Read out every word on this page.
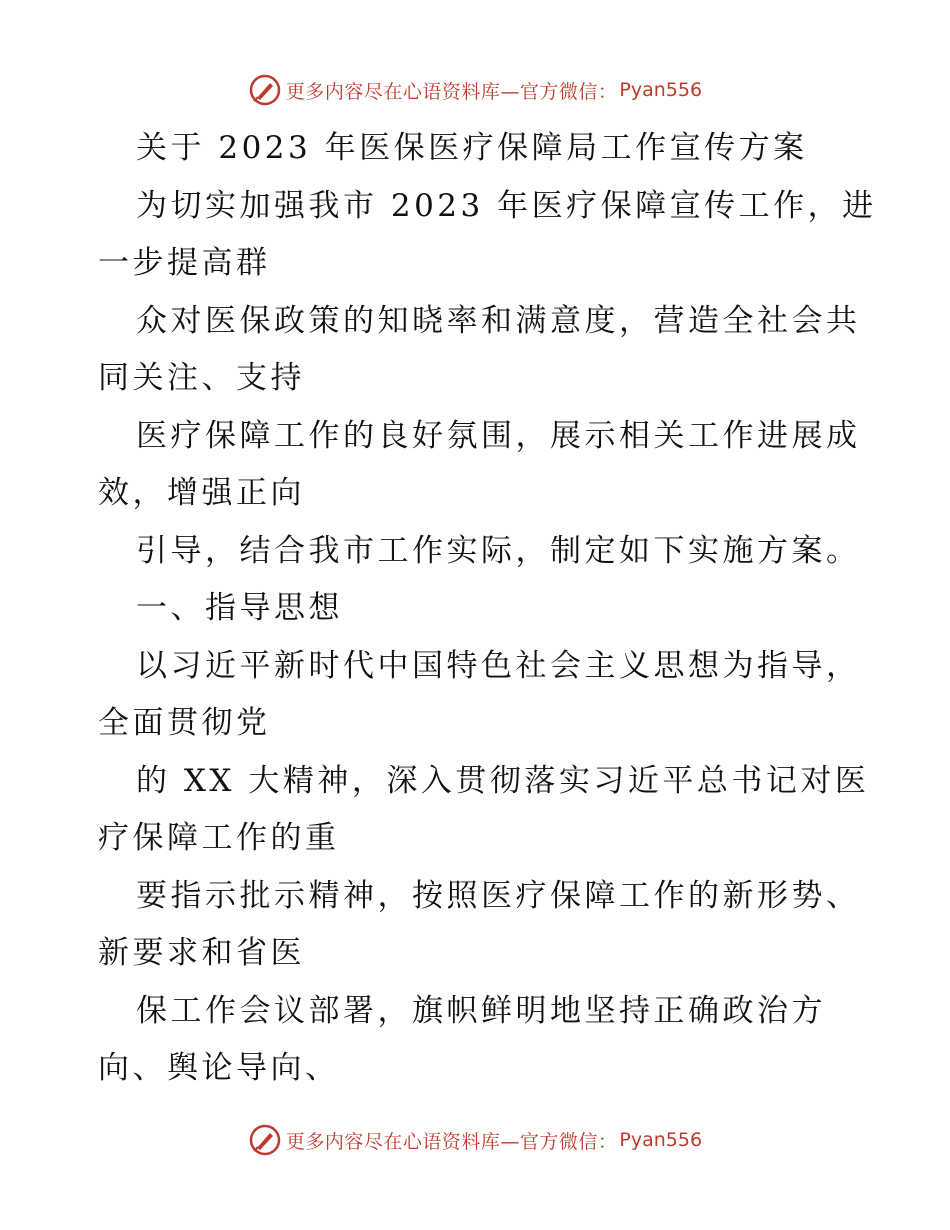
更多内容尽在心语资料库—官方微信： Pyan556
关于 2023 年医保医疗保障局工作宣传方案
为切实加强我市 2023 年医疗保障宣传工作，进
一步提高群
众对医保政策的知晓率和满意度，营造全社会共
同关注、支持
医疗保障工作的良好氛围，展示相关工作进展成
效，增强正向
引导，结合我市工作实际，制定如下实施方案。
一、指导思想
以习近平新时代中国特色社会主义思想为指导，
全面贯彻党
的 XX 大精神，深入贯彻落实习近平总书记对医
疗保障工作的重
要指示批示精神，按照医疗保障工作的新形势、
新要求和省医
保工作会议部署，旗帜鲜明地坚持正确政治方
向、舆论导向、
更多内容尽在心语资料库—官方微信： Pyan556
